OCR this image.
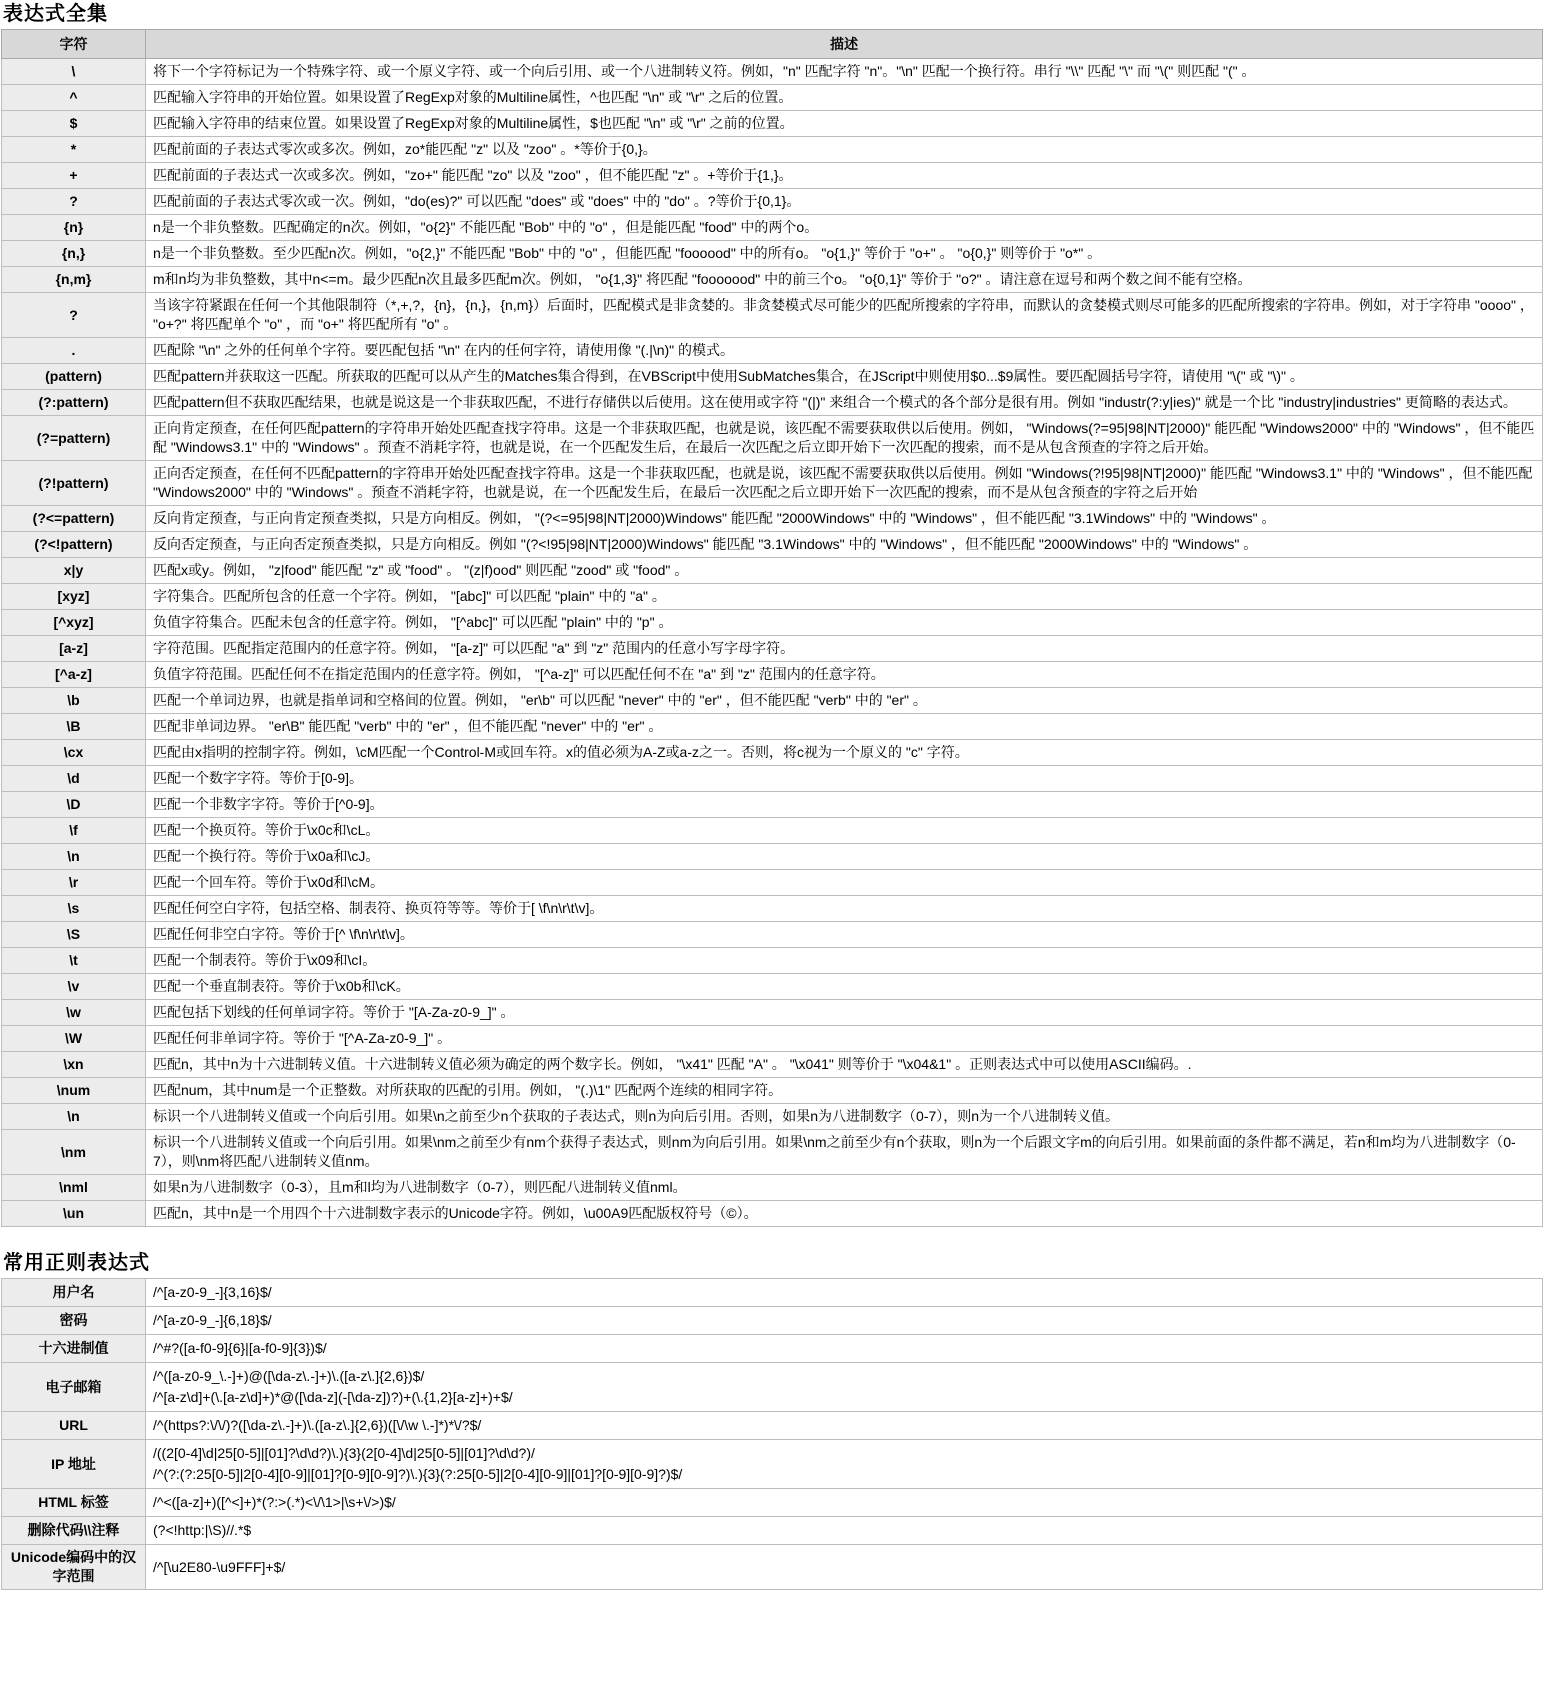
表达式全集
字符	描述
\	将下一个字符标记为一个特殊字符、或一个原义字符、或一个向后引用、或一个八进制转义符。例如，"n" 匹配字符 "n"。"\n" 匹配一个换行符。串行 "\\" 匹配 "\" 而 "\(" 则匹配 "(" 。
^	匹配输入字符串的开始位置。如果设置了RegExp对象的Multiline属性，^也匹配 "\n" 或 "\r" 之后的位置。
$	匹配输入字符串的结束位置。如果设置了RegExp对象的Multiline属性，$也匹配 "\n" 或 "\r" 之前的位置。
*	匹配前面的子表达式零次或多次。例如，zo*能匹配 "z" 以及 "zoo" 。*等价于{0,}。
+	匹配前面的子表达式一次或多次。例如，"zo+" 能匹配 "zo" 以及 "zoo" ，但不能匹配 "z" 。+等价于{1,}。
?	匹配前面的子表达式零次或一次。例如，"do(es)?" 可以匹配 "does" 或 "does" 中的 "do" 。?等价于{0,1}。
{n}	n是一个非负整数。匹配确定的n次。例如，"o{2}" 不能匹配 "Bob" 中的 "o" ，但是能匹配 "food" 中的两个o。
{n,}	n是一个非负整数。至少匹配n次。例如，"o{2,}" 不能匹配 "Bob" 中的 "o" ，但能匹配 "foooood" 中的所有o。 "o{1,}" 等价于 "o+" 。 "o{0,}" 则等价于 "o*" 。
{n,m}	m和n均为非负整数，其中n<=m。最少匹配n次且最多匹配m次。例如， "o{1,3}" 将匹配 "fooooood" 中的前三个o。 "o{0,1}" 等价于 "o?" 。请注意在逗号和两个数之间不能有空格。
?	当该字符紧跟在任何一个其他限制符（*,+,?，{n}，{n,}，{n,m}）后面时，匹配模式是非贪婪的。非贪婪模式尽可能少的匹配所搜索的字符串，而默认的贪婪模式则尽可能多的匹配所搜索的字符串。例如，对于字符串 "oooo" ， "o+?" 将匹配单个 "o" ，而 "o+" 将匹配所有 "o" 。
.	匹配除 "\n" 之外的任何单个字符。要匹配包括 "\n" 在内的任何字符，请使用像 "(.|\n)" 的模式。
(pattern)	匹配pattern并获取这一匹配。所获取的匹配可以从产生的Matches集合得到，在VBScript中使用SubMatches集合，在JScript中则使用$0...$9属性。要匹配圆括号字符，请使用 "\(" 或 "\)" 。
(?:pattern)	匹配pattern但不获取匹配结果，也就是说这是一个非获取匹配，不进行存储供以后使用。这在使用或字符 "(|)" 来组合一个模式的各个部分是很有用。例如 "industr(?:y|ies)" 就是一个比 "industry|industries" 更简略的表达式。
(?=pattern)	正向肯定预查，在任何匹配pattern的字符串开始处匹配查找字符串。这是一个非获取匹配，也就是说，该匹配不需要获取供以后使用。例如， "Windows(?=95|98|NT|2000)" 能匹配 "Windows2000" 中的 "Windows" ，但不能匹配 "Windows3.1" 中的 "Windows" 。预查不消耗字符，也就是说，在一个匹配发生后，在最后一次匹配之后立即开始下一次匹配的搜索，而不是从包含预查的字符之后开始。
(?!pattern)	正向否定预查，在任何不匹配pattern的字符串开始处匹配查找字符串。这是一个非获取匹配，也就是说，该匹配不需要获取供以后使用。例如 "Windows(?!95|98|NT|2000)" 能匹配 "Windows3.1" 中的 "Windows" ，但不能匹配 "Windows2000" 中的 "Windows" 。预查不消耗字符，也就是说，在一个匹配发生后，在最后一次匹配之后立即开始下一次匹配的搜索，而不是从包含预查的字符之后开始
(?<=pattern)	反向肯定预查，与正向肯定预查类拟，只是方向相反。例如， "(?<=95|98|NT|2000)Windows" 能匹配 "2000Windows" 中的 "Windows" ，但不能匹配 "3.1Windows" 中的 "Windows" 。
(?<!pattern)	反向否定预查，与正向否定预查类拟，只是方向相反。例如 "(?<!95|98|NT|2000)Windows" 能匹配 "3.1Windows" 中的 "Windows" ，但不能匹配 "2000Windows" 中的 "Windows" 。
x|y	匹配x或y。例如， "z|food" 能匹配 "z" 或 "food" 。 "(z|f)ood" 则匹配 "zood" 或 "food" 。
[xyz]	字符集合。匹配所包含的任意一个字符。例如， "[abc]" 可以匹配 "plain" 中的 "a" 。
[^xyz]	负值字符集合。匹配未包含的任意字符。例如， "[^abc]" 可以匹配 "plain" 中的 "p" 。
[a-z]	字符范围。匹配指定范围内的任意字符。例如， "[a-z]" 可以匹配 "a" 到 "z" 范围内的任意小写字母字符。
[^a-z]	负值字符范围。匹配任何不在指定范围内的任意字符。例如， "[^a-z]" 可以匹配任何不在 "a" 到 "z" 范围内的任意字符。
\b	匹配一个单词边界，也就是指单词和空格间的位置。例如， "er\b" 可以匹配 "never" 中的 "er" ，但不能匹配 "verb" 中的 "er" 。
\B	匹配非单词边界。 "er\B" 能匹配 "verb" 中的 "er" ，但不能匹配 "never" 中的 "er" 。
\cx	匹配由x指明的控制字符。例如，\cM匹配一个Control-M或回车符。x的值必须为A-Z或a-z之一。否则，将c视为一个原义的 "c" 字符。
\d	匹配一个数字字符。等价于[0-9]。
\D	匹配一个非数字字符。等价于[^0-9]。
\f	匹配一个换页符。等价于\x0c和\cL。
\n	匹配一个换行符。等价于\x0a和\cJ。
\r	匹配一个回车符。等价于\x0d和\cM。
\s	匹配任何空白字符，包括空格、制表符、换页符等等。等价于[ \f\n\r\t\v]。
\S	匹配任何非空白字符。等价于[^ \f\n\r\t\v]。
\t	匹配一个制表符。等价于\x09和\cI。
\v	匹配一个垂直制表符。等价于\x0b和\cK。
\w	匹配包括下划线的任何单词字符。等价于 "[A-Za-z0-9_]" 。
\W	匹配任何非单词字符。等价于 "[^A-Za-z0-9_]" 。
\xn	匹配n，其中n为十六进制转义值。十六进制转义值必须为确定的两个数字长。例如， "\x41" 匹配 "A" 。 "\x041" 则等价于 "\x04&1" 。正则表达式中可以使用ASCII编码。.
\num	匹配num，其中num是一个正整数。对所获取的匹配的引用。例如， "(.)\1" 匹配两个连续的相同字符。
\n	标识一个八进制转义值或一个向后引用。如果\n之前至少n个获取的子表达式，则n为向后引用。否则，如果n为八进制数字（0-7），则n为一个八进制转义值。
\nm	标识一个八进制转义值或一个向后引用。如果\nm之前至少有nm个获得子表达式，则nm为向后引用。如果\nm之前至少有n个获取，则n为一个后跟文字m的向后引用。如果前面的条件都不满足，若n和m均为八进制数字（0-7），则\nm将匹配八进制转义值nm。
\nml	如果n为八进制数字（0-3），且m和l均为八进制数字（0-7），则匹配八进制转义值nml。
\un	匹配n，其中n是一个用四个十六进制数字表示的Unicode字符。例如，\u00A9匹配版权符号（©）。
常用正则表达式
用户名	/^[a-z0-9_-]{3,16}$/

密码	/^[a-z0-9_-]{6,18}$/

十六进制值	/^#?([a-f0-9]{6}|[a-f0-9]{3})$/

电子邮箱	/^([a-z0-9_\.-]+)@([\da-z\.-]+)\.([a-z\.]{2,6})$/
/^[a-z\d]+(\.[a-z\d]+)*@([\da-z](-[\da-z])?)+(\.{1,2}[a-z]+)+$/

URL	/^(https?:\/\/)?([\da-z\.-]+)\.([a-z\.]{2,6})([\/\w \.-]*)*\/?$/

IP 地址	/((2[0-4]\d|25[0-5]|[01]?\d\d?)\.){3}(2[0-4]\d|25[0-5]|[01]?\d\d?)/
/^(?:(?:25[0-5]|2[0-4][0-9]|[01]?[0-9][0-9]?)\.){3}(?:25[0-5]|2[0-4][0-9]|[01]?[0-9][0-9]?)$/

HTML 标签	/^<([a-z]+)([^<]+)*(?:>(.*)<\/\1>|\s+\/>)$/

删除代码\\注释	(?<!http:|\S)//.*$

Unicode编码中的汉字范围	/^[\u2E80-\u9FFF]+$/
